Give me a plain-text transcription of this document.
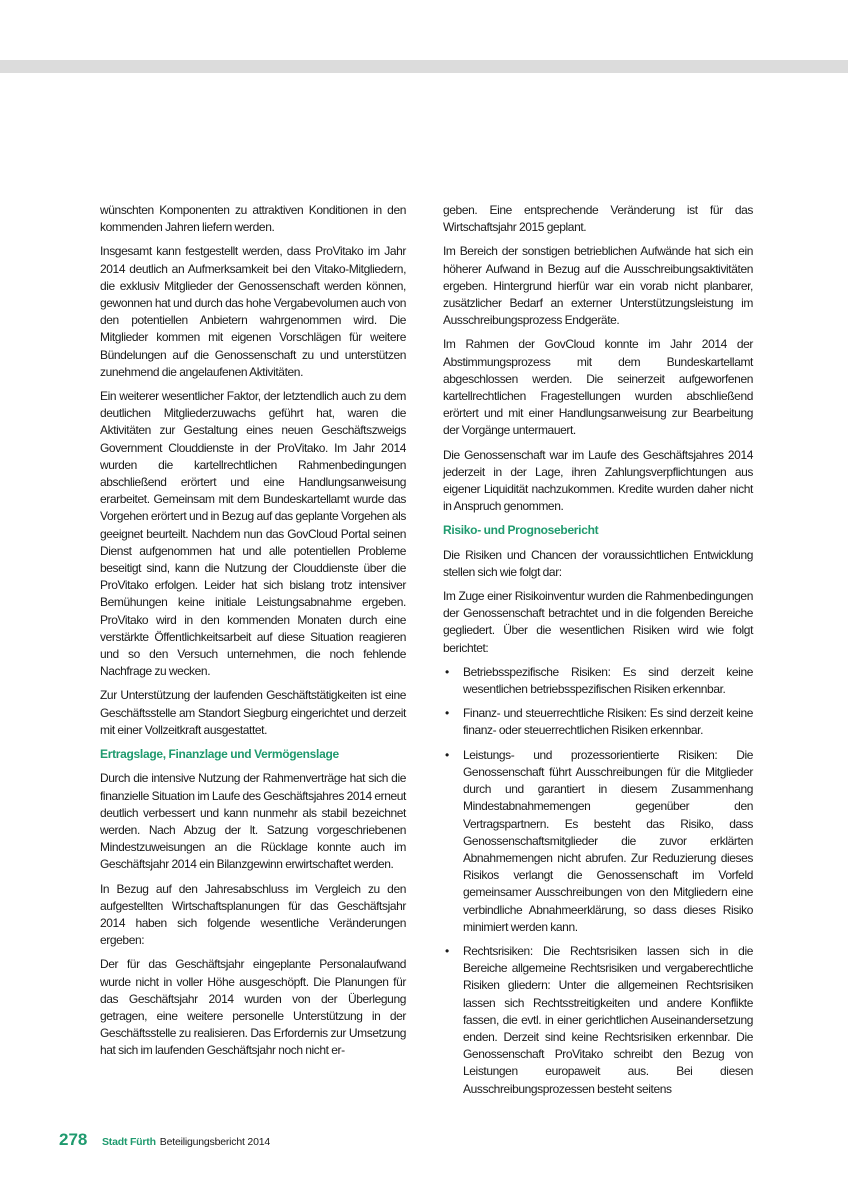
wünschten Komponenten zu attraktiven Konditionen in den kommenden Jahren liefern werden.

Insgesamt kann festgestellt werden, dass ProVitako im Jahr 2014 deutlich an Aufmerksamkeit bei den Vitako-Mitgliedern, die exklusiv Mitglieder der Genossenschaft werden können, gewonnen hat und durch das hohe Vergabevolumen auch von den potentiellen Anbietern wahrgenommen wird. Die Mitglieder kommen mit eigenen Vorschlägen für weitere Bündelungen auf die Genossenschaft zu und unterstützen zunehmend die angelaufenen Aktivitäten.

Ein weiterer wesentlicher Faktor, der letztendlich auch zu dem deutlichen Mitgliederzuwachs geführt hat, waren die Aktivitäten zur Gestaltung eines neuen Geschäftszweigs Government Clouddienste in der ProVitako. Im Jahr 2014 wurden die kartellrechtlichen Rahmenbedingungen abschließend erörtert und eine Handlungsanweisung erarbeitet. Gemeinsam mit dem Bundeskartellamt wurde das Vorgehen erörtert und in Bezug auf das geplante Vorgehen als geeignet beurteilt. Nachdem nun das GovCloud Portal seinen Dienst aufgenommen hat und alle potentiellen Probleme beseitigt sind, kann die Nutzung der Clouddienste über die ProVitako erfolgen. Leider hat sich bislang trotz intensiver Bemühungen keine initiale Leistungsabnahme ergeben. ProVitako wird in den kommenden Monaten durch eine verstärkte Öffentlichkeitsarbeit auf diese Situation reagieren und so den Versuch unternehmen, die noch fehlende Nachfrage zu wecken.

Zur Unterstützung der laufenden Geschäftstätigkeiten ist eine Geschäftsstelle am Standort Siegburg eingerichtet und derzeit mit einer Vollzeitkraft ausgestattet.

Ertragslage, Finanzlage und Vermögenslage

Durch die intensive Nutzung der Rahmenverträge hat sich die finanzielle Situation im Laufe des Geschäftsjahres 2014 erneut deutlich verbessert und kann nunmehr als stabil bezeichnet werden. Nach Abzug der lt. Satzung vorgeschriebenen Mindestzuweisungen an die Rücklage konnte auch im Geschäftsjahr 2014 ein Bilanzgewinn erwirtschaftet werden.

In Bezug auf den Jahresabschluss im Vergleich zu den aufgestellten Wirtschaftsplanungen für das Geschäftsjahr 2014 haben sich folgende wesentliche Veränderungen ergeben:

Der für das Geschäftsjahr eingeplante Personalaufwand wurde nicht in voller Höhe ausgeschöpft. Die Planungen für das Geschäftsjahr 2014 wurden von der Überlegung getragen, eine weitere personelle Unterstützung in der Geschäftsstelle zu realisieren. Das Erfordernis zur Umsetzung hat sich im laufenden Geschäftsjahr noch nicht er-

geben. Eine entsprechende Veränderung ist für das Wirtschaftsjahr 2015 geplant.

Im Bereich der sonstigen betrieblichen Aufwände hat sich ein höherer Aufwand in Bezug auf die Ausschreibungsaktivitäten ergeben. Hintergrund hierfür war ein vorab nicht planbarer, zusätzlicher Bedarf an externer Unterstützungsleistung im Ausschreibungsprozess Endgeräte.

Im Rahmen der GovCloud konnte im Jahr 2014 der Abstimmungsprozess mit dem Bundeskartellamt abgeschlossen werden. Die seinerzeit aufgeworfenen kartellrechtlichen Fragestellungen wurden abschließend erörtert und mit einer Handlungsanweisung zur Bearbeitung der Vorgänge untermauert.

Die Genossenschaft war im Laufe des Geschäftsjahres 2014 jederzeit in der Lage, ihren Zahlungsverpflichtungen aus eigener Liquidität nachzukommen. Kredite wurden daher nicht in Anspruch genommen.

Risiko- und Prognosebericht

Die Risiken und Chancen der voraussichtlichen Entwicklung stellen sich wie folgt dar:

Im Zuge einer Risikoinventur wurden die Rahmenbedingungen der Genossenschaft betrachtet und in die folgenden Bereiche gegliedert. Über die wesentlichen Risiken wird wie folgt berichtet:

• Betriebsspezifische Risiken: Es sind derzeit keine wesentlichen betriebsspezifischen Risiken erkennbar.
• Finanz- und steuerrechtliche Risiken: Es sind derzeit keine finanz- oder steuerrechtlichen Risiken erkennbar.
• Leistungs- und prozessorientierte Risiken: Die Genossenschaft führt Ausschreibungen für die Mitglieder durch und garantiert in diesem Zusammenhang Mindestabnahmemengen gegenüber den Vertragspartnern. Es besteht das Risiko, dass Genossenschaftsmitglieder die zuvor erklärten Abnahmemengen nicht abrufen. Zur Reduzierung dieses Risikos verlangt die Genossenschaft im Vorfeld gemeinsamer Ausschreibungen von den Mitgliedern eine verbindliche Abnahmeerklärung, so dass dieses Risiko minimiert werden kann.
• Rechtsrisiken: Die Rechtsrisiken lassen sich in die Bereiche allgemeine Rechtsrisiken und vergaberechtliche Risiken gliedern: Unter die allgemeinen Rechtsrisiken lassen sich Rechtsstreitigkeiten und andere Konflikte fassen, die evtl. in einer gerichtlichen Auseinandersetzung enden. Derzeit sind keine Rechtsrisiken erkennbar. Die Genossenschaft ProVitako schreibt den Bezug von Leistungen europaweit aus. Bei diesen Ausschreibungsprozessen besteht seitens
278	Stadt Fürth Beteiligungsbericht 2014
